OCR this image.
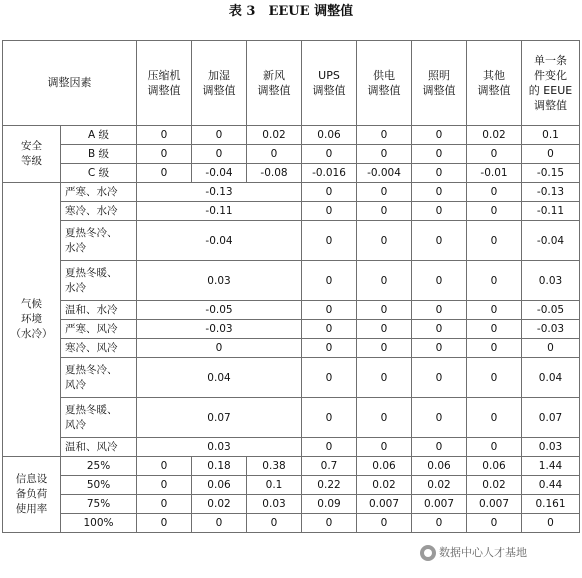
表 3　EEUE 调整值
调整因素		压缩机
调整值	加湿
调整值	新风
调整值	UPS
调整值	供电
调整值	照明
调整值	其他
调整值	单一条
件变化
的 EEUE
调整值
安全
等级	A 级	0	0	0.02	0.06	0	0	0.02	0.1
	B 级	0	0	0	0	0	0	0	0
	C 级	0	-0.04	-0.08	-0.016	-0.004	0	-0.01	-0.15
气候
环境
（水冷）	严寒、水冷	-0.13			0	0	0	0	-0.13
	寒冷、水冷	-0.11			0	0	0	0	-0.11
	夏热冬冷、
水冷	-0.04			0	0	0	0	-0.04
	夏热冬暖、
水冷	0.03			0	0	0	0	0.03
	温和、水冷	-0.05			0	0	0	0	-0.05
	严寒、风冷	-0.03			0	0	0	0	-0.03
	寒冷、风冷	0			0	0	0	0	0
	夏热冬冷、
风冷	0.04			0	0	0	0	0.04
	夏热冬暖、
风冷	0.07			0	0	0	0	0.07
	温和、风冷	0.03			0	0	0	0	0.03
信息设
备负荷
使用率	25%	0	0.18	0.38	0.7	0.06	0.06	0.06	1.44
	50%	0	0.06	0.1	0.22	0.02	0.02	0.02	0.44
	75%	0	0.02	0.03	0.09	0.007	0.007	0.007	0.161
	100%	0	0	0	0	0	0	0	0
数据中心人才基地
